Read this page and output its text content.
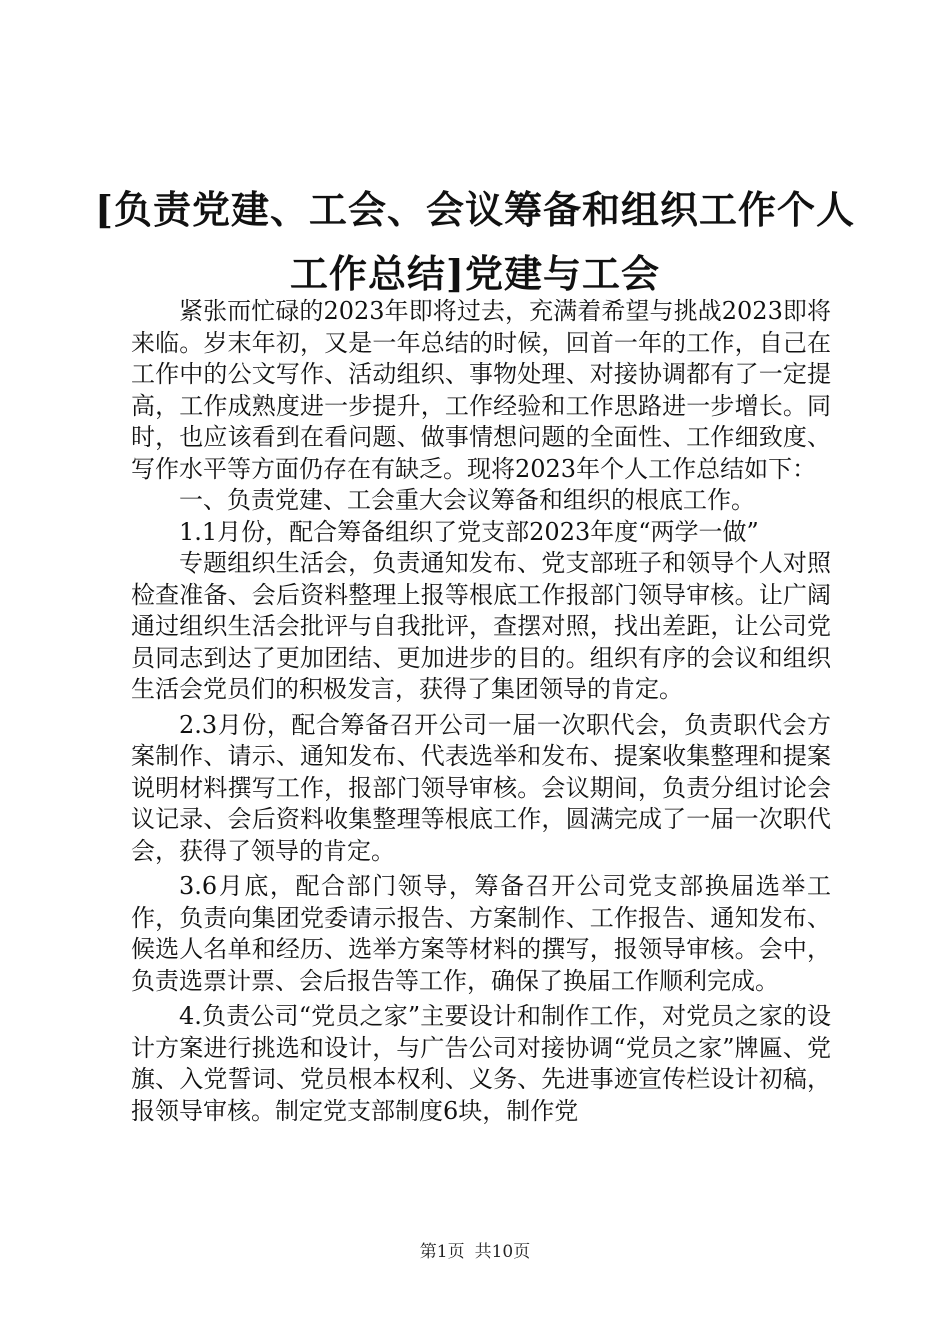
[负责党建、工会、会议筹备和组织工作个人
工作总结]党建与工会

紧张而忙碌的2023年即将过去，充满着希望与挑战2023即将来临。岁末年初，又是一年总结的时候，回首一年的工作，自己在工作中的公文写作、活动组织、事物处理、对接协调都有了一定提高，工作成熟度进一步提升，工作经验和工作思路进一步增长。同时，也应该看到在看问题、做事情想问题的全面性、工作细致度、写作水平等方面仍存在有缺乏。现将2023年个人工作总结如下：

一、负责党建、工会重大会议筹备和组织的根底工作。

1.1月份，配合筹备组织了党支部2023年度“两学一做”

专题组织生活会，负责通知发布、党支部班子和领导个人对照检查准备、会后资料整理上报等根底工作报部门领导审核。让广阔通过组织生活会批评与自我批评，查摆对照，找出差距，让公司党员同志到达了更加团结、更加进步的目的。组织有序的会议和组织生活会党员们的积极发言，获得了集团领导的肯定。

2.3月份，配合筹备召开公司一届一次职代会，负责职代会方案制作、请示、通知发布、代表选举和发布、提案收集整理和提案说明材料撰写工作，报部门领导审核。会议期间，负责分组讨论会议记录、会后资料收集整理等根底工作，圆满完成了一届一次职代会，获得了领导的肯定。

3.6月底，配合部门领导，筹备召开公司党支部换届选举工作，负责向集团党委请示报告、方案制作、工作报告、通知发布、候选人名单和经历、选举方案等材料的撰写，报领导审核。会中，负责选票计票、会后报告等工作，确保了换届工作顺利完成。

4.负责公司“党员之家”主要设计和制作工作，对党员之家的设计方案进行挑选和设计，与广告公司对接协调“党员之家”牌匾、党旗、入党誓词、党员根本权利、义务、先进事迹宣传栏设计初稿，报领导审核。制定党支部制度6块，制作党

第1页 共10页
